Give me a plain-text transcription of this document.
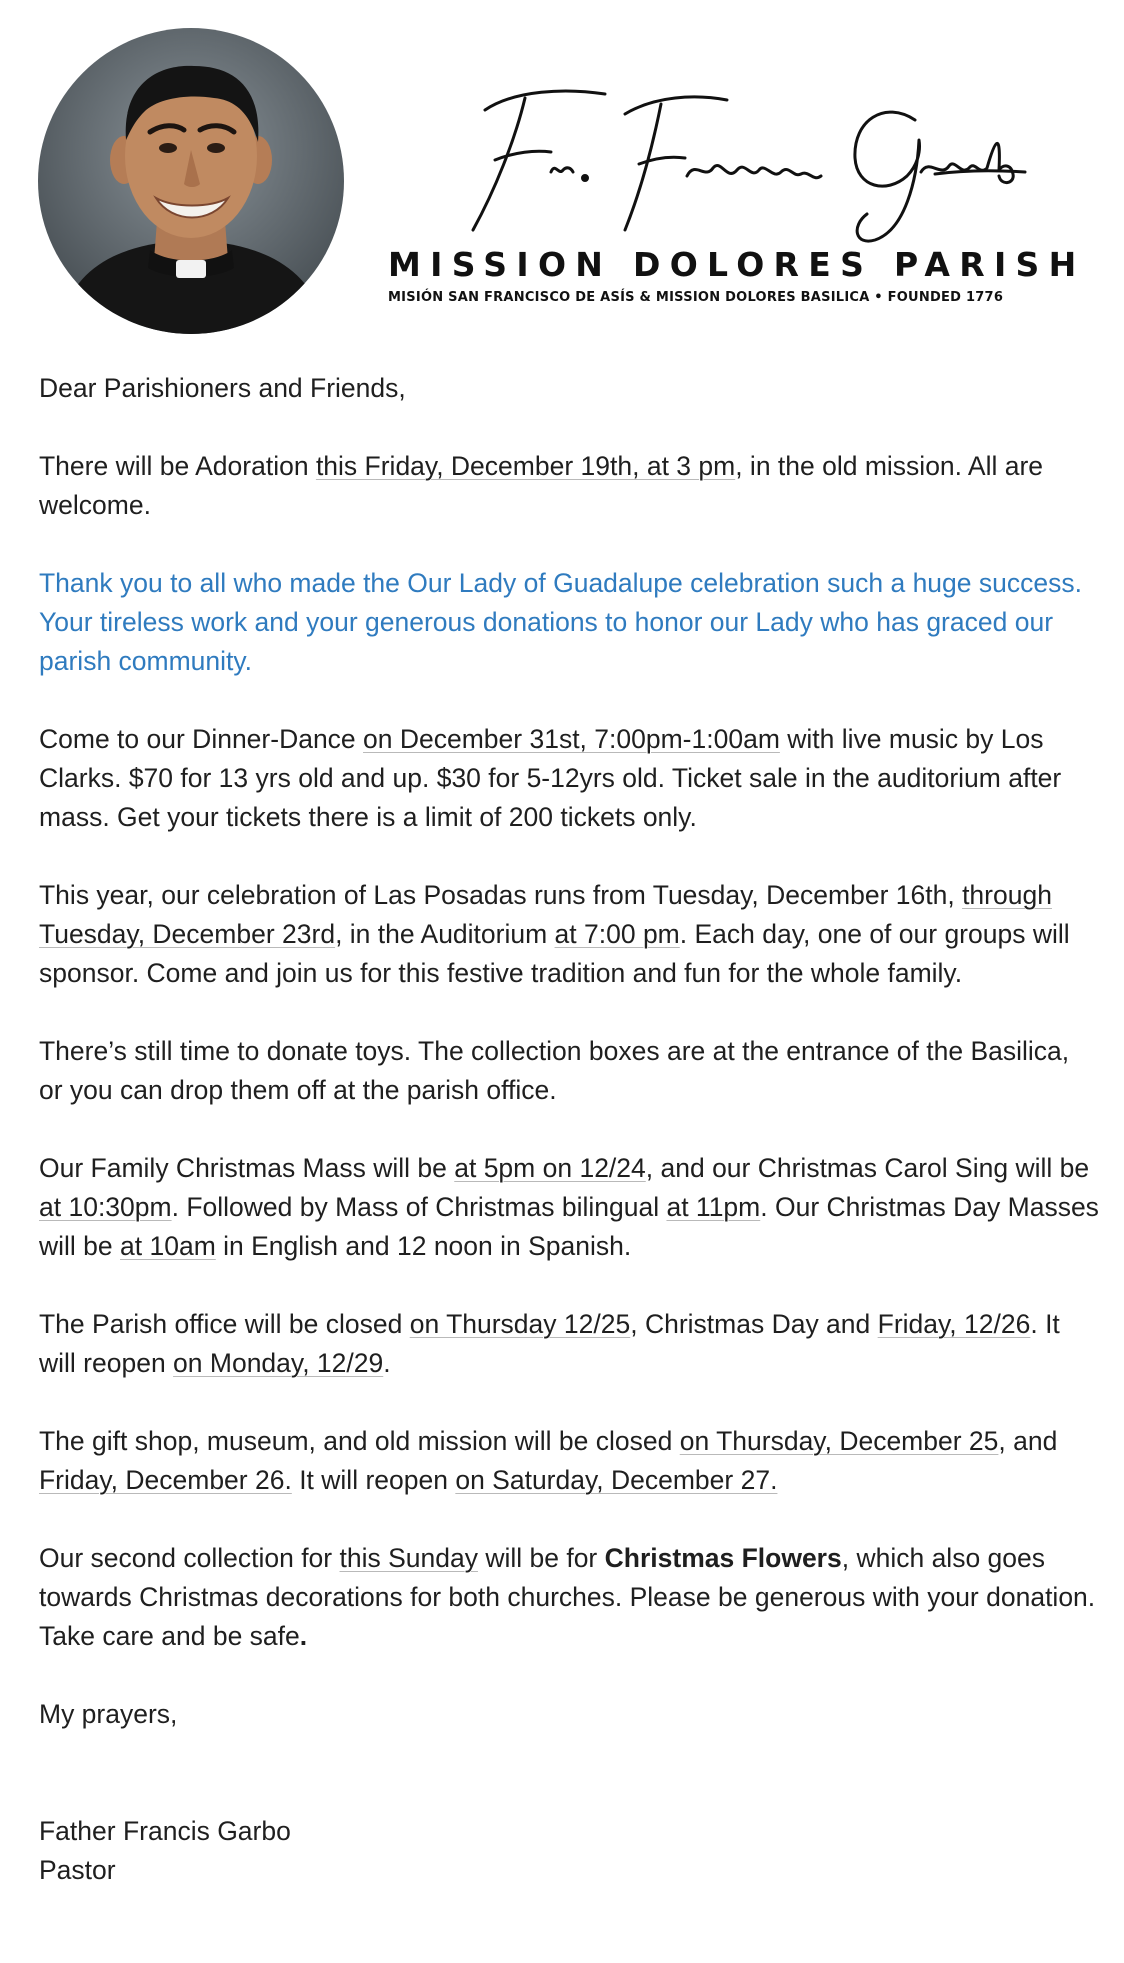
MISSION DOLORES PARISH
MISIÓN SAN FRANCISCO DE ASÍS & MISSION DOLORES BASILICA • FOUNDED 1776

Dear Parishioners and Friends,

There will be Adoration this Friday, December 19th, at 3 pm, in the old mission. All are welcome.

Thank you to all who made the Our Lady of Guadalupe celebration such a huge success. Your tireless work and your generous donations to honor our Lady who has graced our parish community.

Come to our Dinner-Dance on December 31st, 7:00pm-1:00am with live music by Los Clarks. $70 for 13 yrs old and up. $30 for 5-12yrs old. Ticket sale in the auditorium after mass. Get your tickets there is a limit of 200 tickets only.

This year, our celebration of Las Posadas runs from Tuesday, December 16th, through Tuesday, December 23rd, in the Auditorium at 7:00 pm. Each day, one of our groups will sponsor. Come and join us for this festive tradition and fun for the whole family.

There’s still time to donate toys. The collection boxes are at the entrance of the Basilica, or you can drop them off at the parish office.

Our Family Christmas Mass will be at 5pm on 12/24, and our Christmas Carol Sing will be at 10:30pm. Followed by Mass of Christmas bilingual at 11pm. Our Christmas Day Masses will be at 10am in English and 12 noon in Spanish.

The Parish office will be closed on Thursday 12/25, Christmas Day and Friday, 12/26. It will reopen on Monday, 12/29.

The gift shop, museum, and old mission will be closed on Thursday, December 25, and Friday, December 26. It will reopen on Saturday, December 27.

Our second collection for this Sunday will be for Christmas Flowers, which also goes towards Christmas decorations for both churches. Please be generous with your donation. Take care and be safe.

My prayers,

Father Francis Garbo

Pastor
